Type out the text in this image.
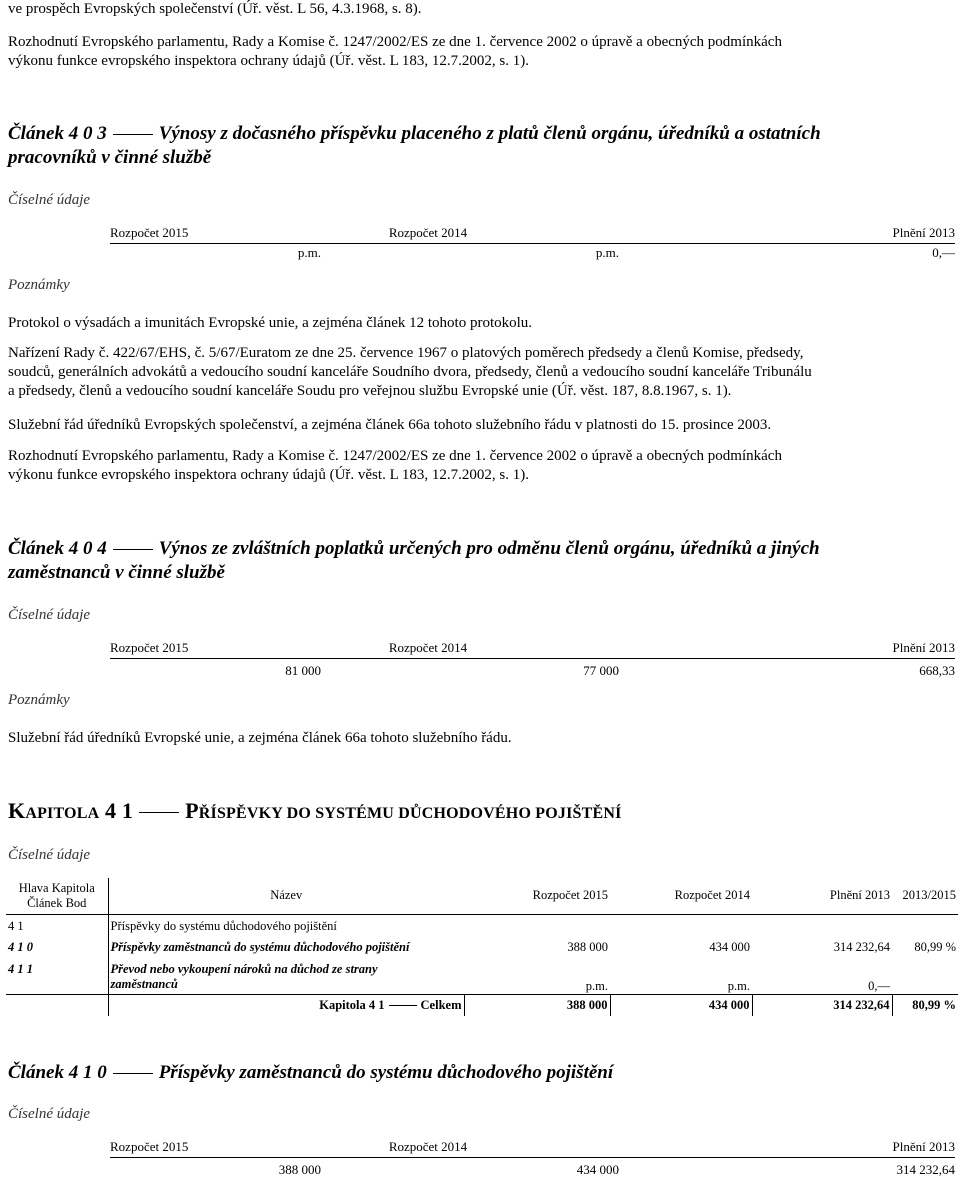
ve prospěch Evropských společenství (Úř. věst. L 56, 4.3.1968, s. 8).

Rozhodnutí Evropského parlamentu, Rady a Komise č. 1247/2002/ES ze dne 1. července 2002 o úpravě a obecných podmínkách

výkonu funkce evropského inspektora ochrany údajů (Úř. věst. L 183, 12.7.2002, s. 1).

Článek 4 0 3	Výnosy z dočasného příspěvku placeného z platů členů orgánu, úředníků a ostatních
pracovníků v činné službě

Číselné údaje

Rozpočet 2015	Rozpočet 2014	Plnění 2013
p.m.	p.m.	0,—

Poznámky

Protokol o výsadách a imunitách Evropské unie, a zejména článek 12 tohoto protokolu.

Nařízení Rady č. 422/67/EHS, č. 5/67/Euratom ze dne 25. července 1967 o platových poměrech předsedy a členů Komise, předsedy,

soudců, generálních advokátů a vedoucího soudní kanceláře Soudního dvora, předsedy, členů a vedoucího soudní kanceláře Tribunálu

a předsedy, členů a vedoucího soudní kanceláře Soudu pro veřejnou službu Evropské unie (Úř. věst. 187, 8.8.1967, s. 1).

Služební řád úředníků Evropských společenství, a zejména článek 66a tohoto služebního řádu v platnosti do 15. prosince 2003.

Rozhodnutí Evropského parlamentu, Rady a Komise č. 1247/2002/ES ze dne 1. července 2002 o úpravě a obecných podmínkách

výkonu funkce evropského inspektora ochrany údajů (Úř. věst. L 183, 12.7.2002, s. 1).

Článek 4 0 4	Výnos ze zvláštních poplatků určených pro odměnu členů orgánu, úředníků a jiných
zaměstnanců v činné službě

Číselné údaje

Rozpočet 2015	Rozpočet 2014	Plnění 2013
81 000	77 000	668,33

Poznámky

Služební řád úředníků Evropské unie, a zejména článek 66a tohoto služebního řádu.

KAPITOLA 4 1 PŘÍSPĚVKY DO SYSTÉMU DŮCHODOVÉHO POJIŠTĚNÍ

Číselné údaje

Hlava Kapitola
Článek Bod	Název	Rozpočet 2015	Rozpočet 2014	Plnění 2013	2013/2015
4 1	Příspěvky do systému důchodového pojištění				
4 1 0	Příspěvky zaměstnanců do systému důchodového pojištění	388 000	434 000	314 232,64	80,99 %
4 1 1	Převod nebo vykoupení nároků na důchod ze strany
zaměstnanců	p.m.	p.m.	0,—	
	Kapitola 4 1 Celkem	388 000	434 000	314 232,64	80,99 %
Článek 4 1 0	Příspěvky zaměstnanců do systému důchodového pojištění

Číselné údaje

Rozpočet 2015	Rozpočet 2014	Plnění 2013
388 000	434 000	314 232,64
